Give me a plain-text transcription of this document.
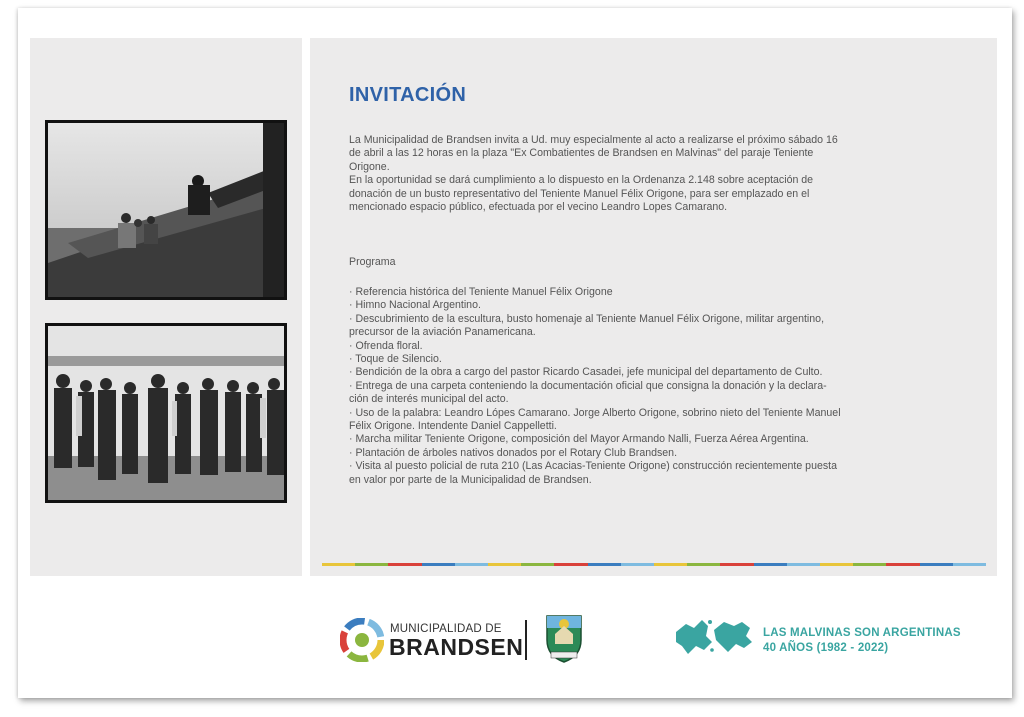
INVITACIÓN

La Municipalidad de Brandsen invita a Ud. muy especialmente al acto a realizarse el próximo sábado 16

de abril a las 12 horas en la plaza "Ex Combatientes de Brandsen en Malvinas" del paraje Teniente

Origone.

En la oportunidad se dará cumplimiento a lo dispuesto en la Ordenanza 2.148 sobre aceptación de

donación de un busto representativo del Teniente Manuel Félix Origone, para ser emplazado en el

mencionado espacio público, efectuada por el vecino Leandro Lopes Camarano.

Programa

· Referencia histórica del Teniente Manuel Félix Origone

· Himno Nacional Argentino.

· Descubrimiento de la escultura, busto homenaje al Teniente Manuel Félix Origone, militar argentino,

precursor de la aviación Panamericana.

· Ofrenda floral.

· Toque de Silencio.

· Bendición de la obra a cargo del pastor Ricardo Casadei, jefe municipal del departamento de Culto.

· Entrega de una carpeta conteniendo la documentación oficial que consigna la donación y la declara-

ción de interés municipal del acto.

· Uso de la palabra: Leandro Lópes Camarano. Jorge Alberto Origone, sobrino nieto del Teniente Manuel

Félix Origone. Intendente Daniel Cappelletti.

· Marcha militar Teniente Origone, composición del Mayor Armando Nalli, Fuerza Aérea Argentina.

· Plantación de árboles nativos donados por el Rotary Club Brandsen.

· Visita al puesto policial de ruta 210 (Las Acacias-Teniente Origone) construcción recientemente puesta

en valor por parte de la Municipalidad de Brandsen.

MUNICIPALIDAD DE
BRANDSEN
LAS MALVINAS SON ARGENTINAS
40 AÑOS (1982 - 2022)
